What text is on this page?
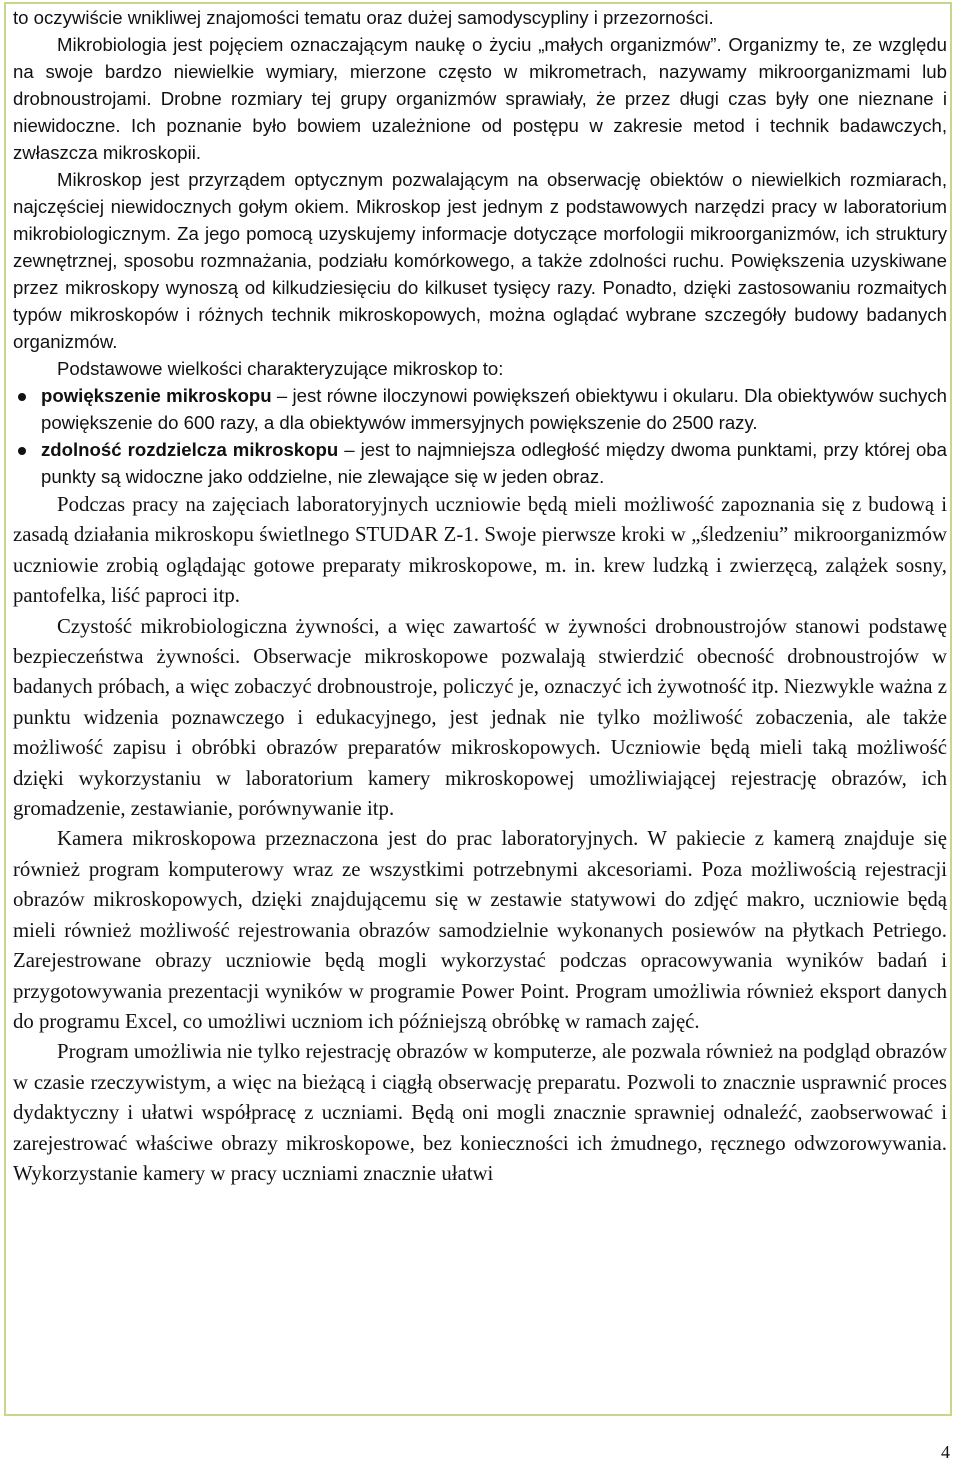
to oczywiście wnikliwej znajomości tematu oraz dużej samodyscypliny i przezorności.

Mikrobiologia jest pojęciem oznaczającym naukę o życiu „małych organizmów”. Organizmy te, ze względu na swoje bardzo niewielkie wymiary, mierzone często w mikrometrach, nazywamy mikroorganizmami lub drobnoustrojami. Drobne rozmiary tej grupy organizmów sprawiały, że przez długi czas były one nieznane i niewidoczne. Ich poznanie było bowiem uzależnione od postępu w zakresie metod i technik badawczych, zwłaszcza mikroskopii.

Mikroskop jest przyrządem optycznym pozwalającym na obserwację obiektów o niewielkich rozmiarach, najczęściej niewidocznych gołym okiem. Mikroskop jest jednym z podstawowych narzędzi pracy w laboratorium mikrobiologicznym. Za jego pomocą uzyskujemy informacje dotyczące morfologii mikroorganizmów, ich struktury zewnętrznej, sposobu rozmnażania, podziału komórkowego, a także zdolności ruchu. Powiększenia uzyskiwane przez mikroskopy wynoszą od kilkudziesięciu do kilkuset tysięcy razy. Ponadto, dzięki zastosowaniu rozmaitych typów mikroskopów i różnych technik mikroskopowych, można oglądać wybrane szczegóły budowy badanych organizmów.

Podstawowe wielkości charakteryzujące mikroskop to:

powiększenie mikroskopu – jest równe iloczynowi powiększeń obiektywu i okularu. Dla obiektywów suchych powiększenie do 600 razy, a dla obiektywów immersyjnych powiększenie do 2500 razy.
zdolność rozdzielcza mikroskopu – jest to najmniejsza odległość między dwoma punktami, przy której oba punkty są widoczne jako oddzielne, nie zlewające się w jeden obraz.

Podczas pracy na zajęciach laboratoryjnych uczniowie będą mieli możliwość zapoznania się z budową i zasadą działania mikroskopu świetlnego STUDAR Z-1. Swoje pierwsze kroki w „śledzeniu” mikroorganizmów uczniowie zrobią oglądając gotowe preparaty mikroskopowe, m. in. krew ludzką i zwierzęcą, zalążek sosny, pantofelka, liść paproci itp.

Czystość mikrobiologiczna żywności, a więc zawartość w żywności drobnoustrojów stanowi podstawę bezpieczeństwa żywności. Obserwacje mikroskopowe pozwalają stwierdzić obecność drobnoustrojów w badanych próbach, a więc zobaczyć drobnoustroje, policzyć je, oznaczyć ich żywotność itp. Niezwykle ważna z punktu widzenia poznawczego i edukacyjnego, jest jednak nie tylko możliwość zobaczenia, ale także możliwość zapisu i obróbki obrazów preparatów mikroskopowych. Uczniowie będą mieli taką możliwość dzięki wykorzystaniu w laboratorium kamery mikroskopowej umożliwiającej rejestrację obrazów, ich gromadzenie, zestawianie, porównywanie itp.

Kamera mikroskopowa przeznaczona jest do prac laboratoryjnych. W pakiecie z kamerą znajduje się również program komputerowy wraz ze wszystkimi potrzebnymi akcesoriami. Poza możliwością rejestracji obrazów mikroskopowych, dzięki znajdującemu się w zestawie statywowi do zdjęć makro, uczniowie będą mieli również możliwość rejestrowania obrazów samodzielnie wykonanych posiewów na płytkach Petriego. Zarejestrowane obrazy uczniowie będą mogli wykorzystać podczas opracowywania wyników badań i przygotowywania prezentacji wyników w programie Power Point. Program umożliwia również eksport danych do programu Excel, co umożliwi uczniom ich późniejszą obróbkę w ramach zajęć.

Program umożliwia nie tylko rejestrację obrazów w komputerze, ale pozwala również na podgląd obrazów w czasie rzeczywistym, a więc na bieżącą i ciągłą obserwację preparatu. Pozwoli to znacznie usprawnić proces dydaktyczny i ułatwi współpracę z uczniami. Będą oni mogli znacznie sprawniej odnaleźć, zaobserwować i zarejestrować właściwe obrazy mikroskopowe, bez konieczności ich żmudnego, ręcznego odwzorowywania. Wykorzystanie kamery w pracy uczniami znacznie ułatwi

4
